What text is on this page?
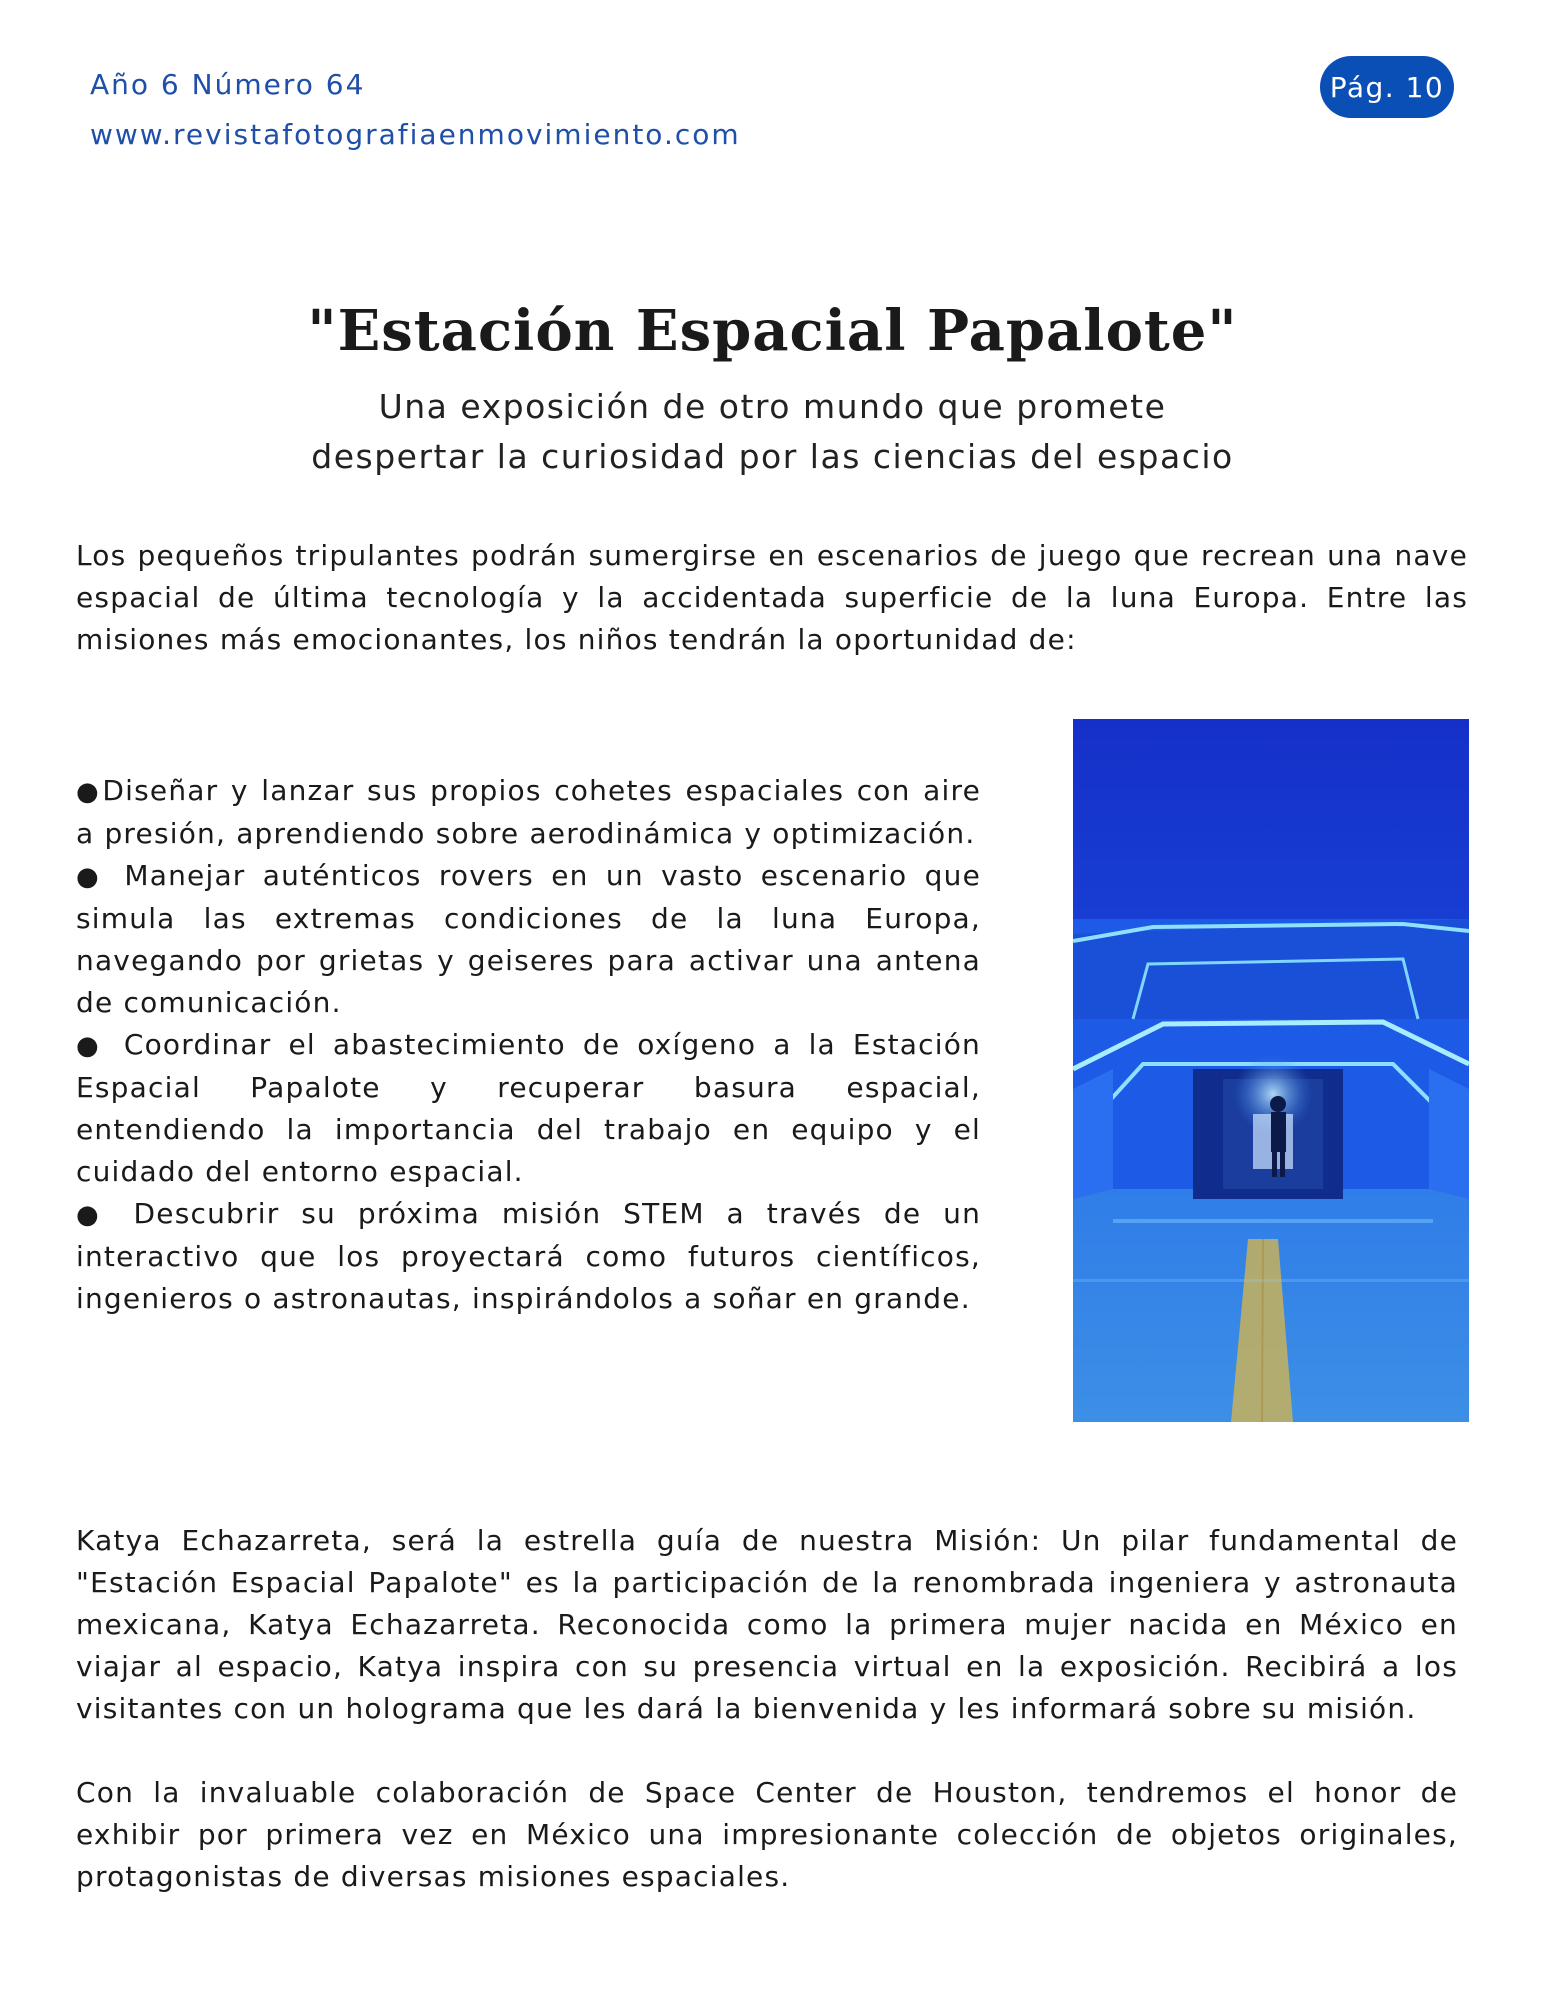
Año 6 Número 64
www.revistafotografiaenmovimiento.com
Pág. 10
"Estación Espacial Papalote"
Una exposición de otro mundo que promete
despertar la curiosidad por las ciencias del espacio
Los pequeños tripulantes podrán sumergirse en escenarios de juego que recrean una nave espacial de última tecnología y la accidentada superficie de la luna Europa. Entre las misiones más emocionantes, los niños tendrán la oportunidad de:

●Diseñar y lanzar sus propios cohetes espaciales con aire a presión, aprendiendo sobre aerodinámica y optimización.

● Manejar auténticos rovers en un vasto escenario que simula las extremas condiciones de la luna Europa, navegando por grietas y geiseres para activar una antena de comunicación.

● Coordinar el abastecimiento de oxígeno a la Estación Espacial Papalote y recuperar basura espacial, entendiendo la importancia del trabajo en equipo y el cuidado del entorno espacial.

● Descubrir su próxima misión STEM a través de un interactivo que los proyectará como futuros científicos, ingenieros o astronautas, inspirándolos a soñar en grande.

Katya Echazarreta, será la estrella guía de nuestra Misión: Un pilar fundamental de "Estación Espacial Papalote" es la participación de la renombrada ingeniera y astronauta mexicana, Katya Echazarreta. Reconocida como la primera mujer nacida en México en viajar al espacio, Katya inspira con su presencia virtual en la exposición. Recibirá a los visitantes con un holograma que les dará la bienvenida y les informará sobre su misión.
Con la invaluable colaboración de Space Center de Houston, tendremos el honor de exhibir por primera vez en México una impresionante colección de objetos originales, protagonistas de diversas misiones espaciales.
